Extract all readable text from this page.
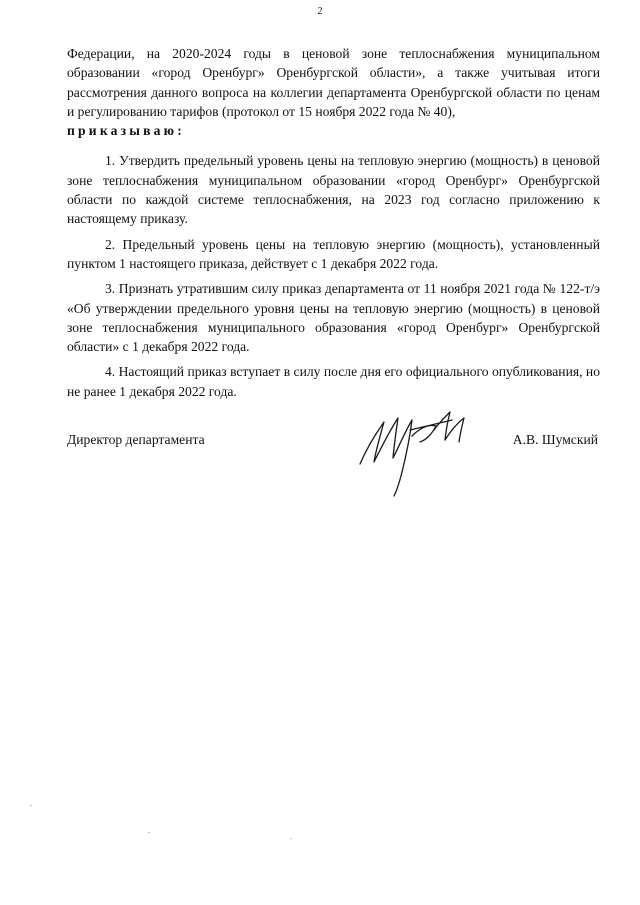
2

Федерации, на 2020-2024 годы в ценовой зоне теплоснабжения муниципальном образовании «город Оренбург» Оренбургской области», а также учитывая итоги рассмотрения данного вопроса на коллегии департамента Оренбургской области по ценам и регулированию тарифов (протокол от 15 ноября 2022 года № 40),

приказываю:

1. Утвердить предельный уровень цены на тепловую энергию (мощность) в ценовой зоне теплоснабжения муниципальном образовании «город Оренбург» Оренбургской области по каждой системе теплоснабжения, на 2023 год согласно приложению к настоящему приказу.

2. Предельный уровень цены на тепловую энергию (мощность), установленный пунктом 1 настоящего приказа, действует с 1 декабря 2022 года.

3. Признать утратившим силу приказ департамента от 11 ноября 2021 года № 122-т/э «Об утверждении предельного уровня цены на тепловую энергию (мощность) в ценовой зоне теплоснабжения муниципального образования «город Оренбург» Оренбургской области» с 1 декабря 2022 года.

4. Настоящий приказ вступает в силу после дня его официального опубликования, но не ранее 1 декабря 2022 года.

Директор департамента	А.В. Шумский
